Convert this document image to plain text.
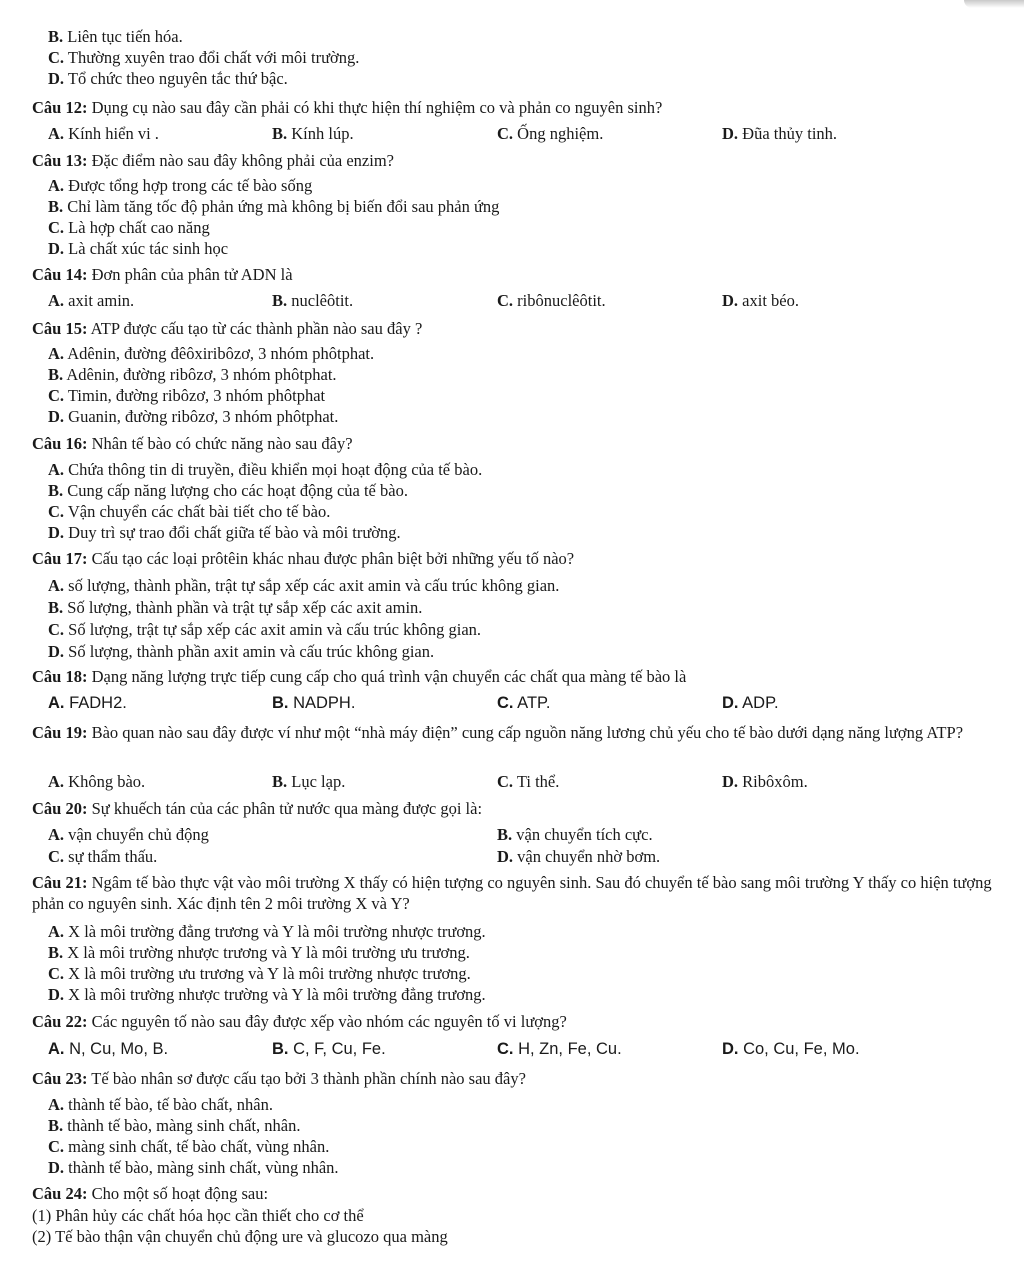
B. Liên tục tiến hóa.
C. Thường xuyên trao đổi chất với môi trường.
D. Tổ chức theo nguyên tắc thứ bậc.
Câu 12: Dụng cụ nào sau đây cần phải có khi thực hiện thí nghiệm co và phản co nguyên sinh?
A. Kính hiển vi .	B. Kính lúp.	C. Ống nghiệm.	D. Đũa thủy tinh.
Câu 13: Đặc điểm nào sau đây không phải của enzim?
A. Được tổng hợp trong các tế bào sống
B. Chỉ làm tăng tốc độ phản ứng mà không bị biến đổi sau phản ứng
C. Là hợp chất cao năng
D. Là chất xúc tác sinh học
Câu 14: Đơn phân của phân tử ADN là
A. axit amin.	B. nuclêôtit.	C. ribônuclêôtit.	D. axit béo.
Câu 15: ATP được cấu tạo từ các thành phần nào sau đây ?
A. Adênin, đường đêôxiribôzơ, 3 nhóm phôtphat.
B. Adênin, đường ribôzơ, 3 nhóm phôtphat.
C. Timin, đường ribôzơ, 3 nhóm phôtphat
D. Guanin, đường ribôzơ, 3 nhóm phôtphat.
Câu 16: Nhân tế bào có chức năng nào sau đây?
A. Chứa thông tin di truyền, điều khiển mọi hoạt động của tế bào.
B. Cung cấp năng lượng cho các hoạt động của tế bào.
C. Vận chuyển các chất bài tiết cho tế bào.
D. Duy trì sự trao đổi chất giữa tế bào và môi trường.
Câu 17: Cấu tạo các loại prôtêin khác nhau được phân biệt bởi những yếu tố nào?
A. số lượng, thành phần, trật tự sắp xếp các axit amin và cấu trúc không gian.
B. Số lượng, thành phần và trật tự sắp xếp các axit amin.
C. Số lượng, trật tự sắp xếp các axit amin và cấu trúc không gian.
D. Số lượng, thành phần axit amin và cấu trúc không gian.
Câu 18: Dạng năng lượng trực tiếp cung cấp cho quá trình vận chuyển các chất qua màng tế bào là
A. FADH2.	B. NADPH.	C. ATP.	D. ADP.
Câu 19: Bào quan nào sau đây được ví như một “nhà máy điện” cung cấp nguồn năng lương chủ yếu cho tế bào dưới dạng năng lượng ATP?
A. Không bào.	B. Lục lạp.	C. Ti thể.	D. Ribôxôm.
Câu 20: Sự khuếch tán của các phân tử nước qua màng được gọi là:
A. vận chuyển chủ động	B. vận chuyển tích cực.
C. sự thẩm thấu.	D. vận chuyển nhờ bơm.
Câu 21: Ngâm tế bào thực vật vào môi trường X thấy có hiện tượng co nguyên sinh. Sau đó chuyển tế bào sang môi trường Y thấy co hiện tượng phản co nguyên sinh. Xác định tên 2 môi trường X và Y?
A. X là môi trường đẳng trương và Y là môi trường nhược trương.
B. X là môi trường nhược trương và Y là môi trường ưu trương.
C. X là môi trường ưu trương và Y là môi trường nhược trương.
D. X là môi trường nhược trường và Y là môi trường đẳng trương.
Câu 22: Các nguyên tố nào sau đây được xếp vào nhóm các nguyên tố vi lượng?
A. N, Cu, Mo, B.	B. C, F, Cu, Fe.	C. H, Zn, Fe, Cu.	D. Co, Cu, Fe, Mo.
Câu 23: Tế bào nhân sơ được cấu tạo bởi 3 thành phần chính nào sau đây?
A. thành tế bào, tế bào chất, nhân.
B. thành tế bào, màng sinh chất, nhân.
C. màng sinh chất, tế bào chất, vùng nhân.
D. thành tế bào, màng sinh chất, vùng nhân.
Câu 24: Cho một số hoạt động sau:
(1) Phân hủy các chất hóa học cần thiết cho cơ thể
(2) Tế bào thận vận chuyển chủ động ure và glucozo qua màng
